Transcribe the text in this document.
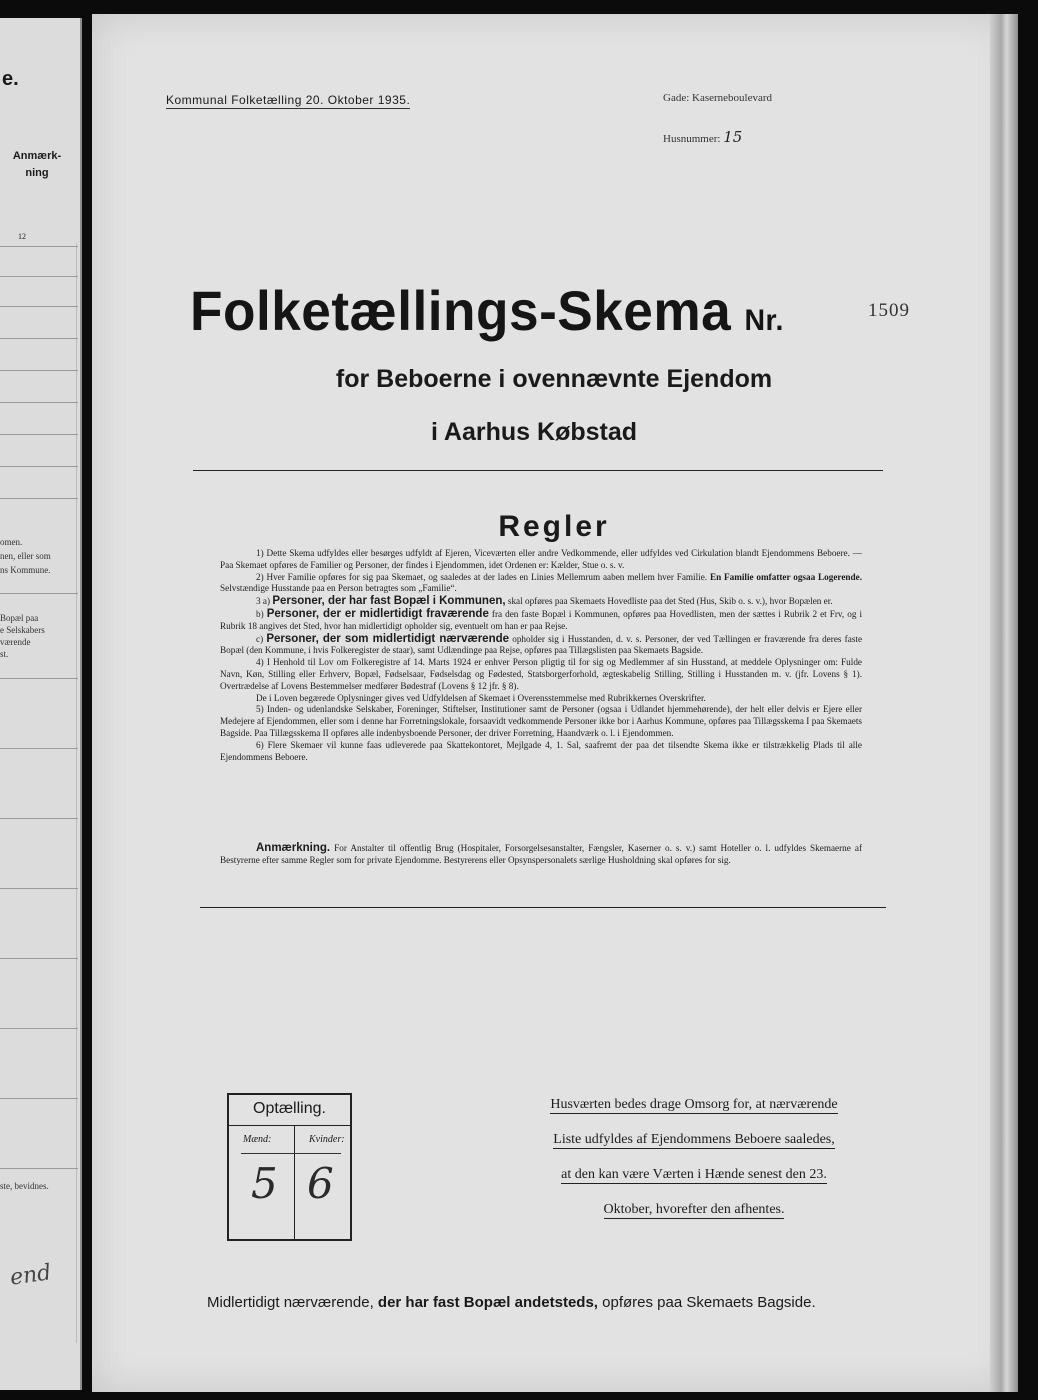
e.
Anmærk-
ning
12
omen.
nen, eller som
ns Kommune.
Bopæl paa
e Selskabers
værende
st.
ste, bevidnes.
end
Kommunal Folketælling 20. Oktober 1935.	Gade: Kaserneboulevard
Husnummer: 15
Folketællings-Skema Nr.	1509
for Beboerne i ovennævnte Ejendom
i Aarhus Købstad
Regler

1) Dette Skema udfyldes eller besørges udfyldt af Ejeren, Viceværten eller andre Vedkommende, eller udfyldes ved Cirkulation blandt Ejendommens Beboere. — Paa Skemaet opføres de Familier og Personer, der findes i Ejendommen, idet Ordenen er: Kælder, Stue o. s. v.

2) Hver Familie opføres for sig paa Skemaet, og saaledes at der lades en Linies Mellemrum aaben mellem hver Familie. En Familie omfatter ogsaa Logerende. Selvstændige Husstande paa en Person betragtes som „Familie“.

3 a) Personer, der har fast Bopæl i Kommunen, skal opføres paa Skemaets Hovedliste paa det Sted (Hus, Skib o. s. v.), hvor Bopælen er.

b) Personer, der er midlertidigt fraværende fra den faste Bopæl i Kommunen, opføres paa Hovedlisten, men der sættes i Rubrik 2 et Frv, og i Rubrik 18 angives det Sted, hvor han midlertidigt opholder sig, eventuelt om han er paa Rejse.

c) Personer, der som midlertidigt nærværende opholder sig i Husstanden, d. v. s. Personer, der ved Tællingen er fraværende fra deres faste Bopæl (den Kommune, i hvis Folkeregister de staar), samt Udlændinge paa Rejse, opføres paa Tillægslisten paa Skemaets Bagside.

4) I Henhold til Lov om Folkeregistre af 14. Marts 1924 er enhver Person pligtig til for sig og Medlemmer af sin Husstand, at meddele Oplysninger om: Fulde Navn, Køn, Stilling eller Erhverv, Bopæl, Fødselsaar, Fødselsdag og Fødested, Statsborgerforhold, ægteskabelig Stilling, Stilling i Husstanden m. v. (jfr. Lovens § 1). Overtrædelse af Lovens Bestemmelser medfører Bødestraf (Lovens § 12 jfr. § 8).

De i Loven begærede Oplysninger gives ved Udfyldelsen af Skemaet i Overensstemmelse med Rubrikkernes Overskrifter.

5) Inden- og udenlandske Selskaber, Foreninger, Stiftelser, Institutioner samt de Personer (ogsaa i Udlandet hjemmehørende), der helt eller delvis er Ejere eller Medejere af Ejendommen, eller som i denne har Forretningslokale, forsaavidt vedkommende Personer ikke bor i Aarhus Kommune, opføres paa Tillægsskema I paa Skemaets Bagside. Paa Tillægsskema II opføres alle indenbysboende Personer, der driver Forretning, Haandværk o. l. i Ejendommen.

6) Flere Skemaer vil kunne faas udleverede paa Skattekontoret, Mejlgade 4, 1. Sal, saafremt der paa det tilsendte Skema ikke er tilstrækkelig Plads til alle Ejendommens Beboere.

Anmærkning. For Anstalter til offentlig Brug (Hospitaler, Forsorgelsesanstalter, Fængsler, Kaserner o. s. v.) samt Hoteller o. l. udfyldes Skemaerne af Bestyrerne efter samme Regler som for private Ejendomme. Bestyrerens eller Opsynspersonalets særlige Husholdning skal opføres for sig.

Optælling.
Mænd:	Kvinder:
5 6
Husværten bedes drage Omsorg for, at nærværende
Liste udfyldes af Ejendommens Beboere saaledes,
at den kan være Værten i Hænde senest den 23.
Oktober, hvorefter den afhentes.
Midlertidigt nærværende, der har fast Bopæl andetsteds, opføres paa Skemaets Bagside.
